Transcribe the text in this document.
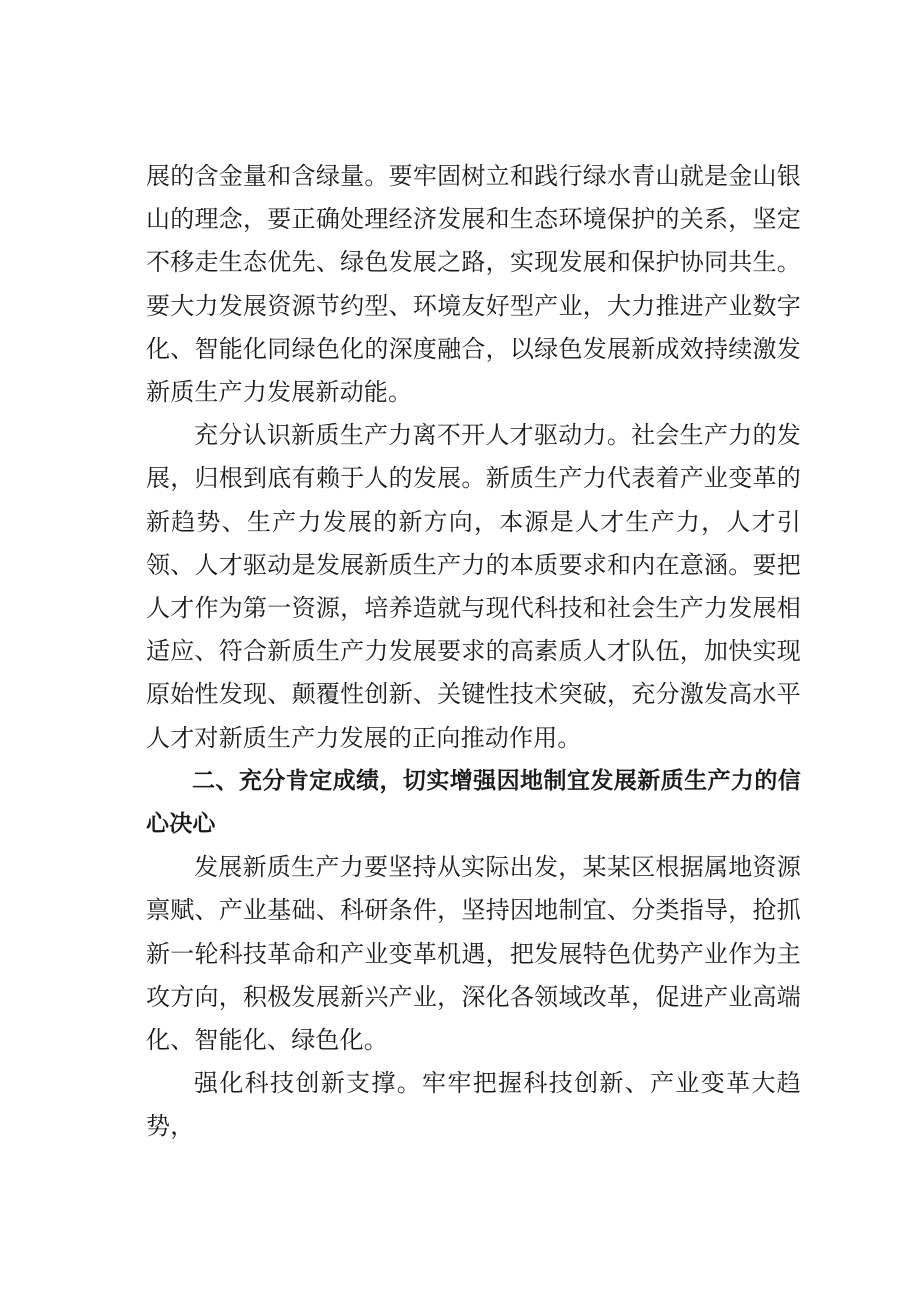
展的含金量和含绿量。要牢固树立和践行绿水青山就是金山银山的理念，要正确处理经济发展和生态环境保护的关系，坚定不移走生态优先、绿色发展之路，实现发展和保护协同共生。要大力发展资源节约型、环境友好型产业，大力推进产业数字化、智能化同绿色化的深度融合，以绿色发展新成效持续激发新质生产力发展新动能。

充分认识新质生产力离不开人才驱动力。社会生产力的发展，归根到底有赖于人的发展。新质生产力代表着产业变革的新趋势、生产力发展的新方向，本源是人才生产力，人才引领、人才驱动是发展新质生产力的本质要求和内在意涵。要把人才作为第一资源，培养造就与现代科技和社会生产力发展相适应、符合新质生产力发展要求的高素质人才队伍，加快实现原始性发现、颠覆性创新、关键性技术突破，充分激发高水平人才对新质生产力发展的正向推动作用。

二、充分肯定成绩，切实增强因地制宜发展新质生产力的信心决心

发展新质生产力要坚持从实际出发，某某区根据属地资源禀赋、产业基础、科研条件，坚持因地制宜、分类指导，抢抓新一轮科技革命和产业变革机遇，把发展特色优势产业作为主攻方向，积极发展新兴产业，深化各领域改革，促进产业高端化、智能化、绿色化。

强化科技创新支撑。牢牢把握科技创新、产业变革大趋势，
